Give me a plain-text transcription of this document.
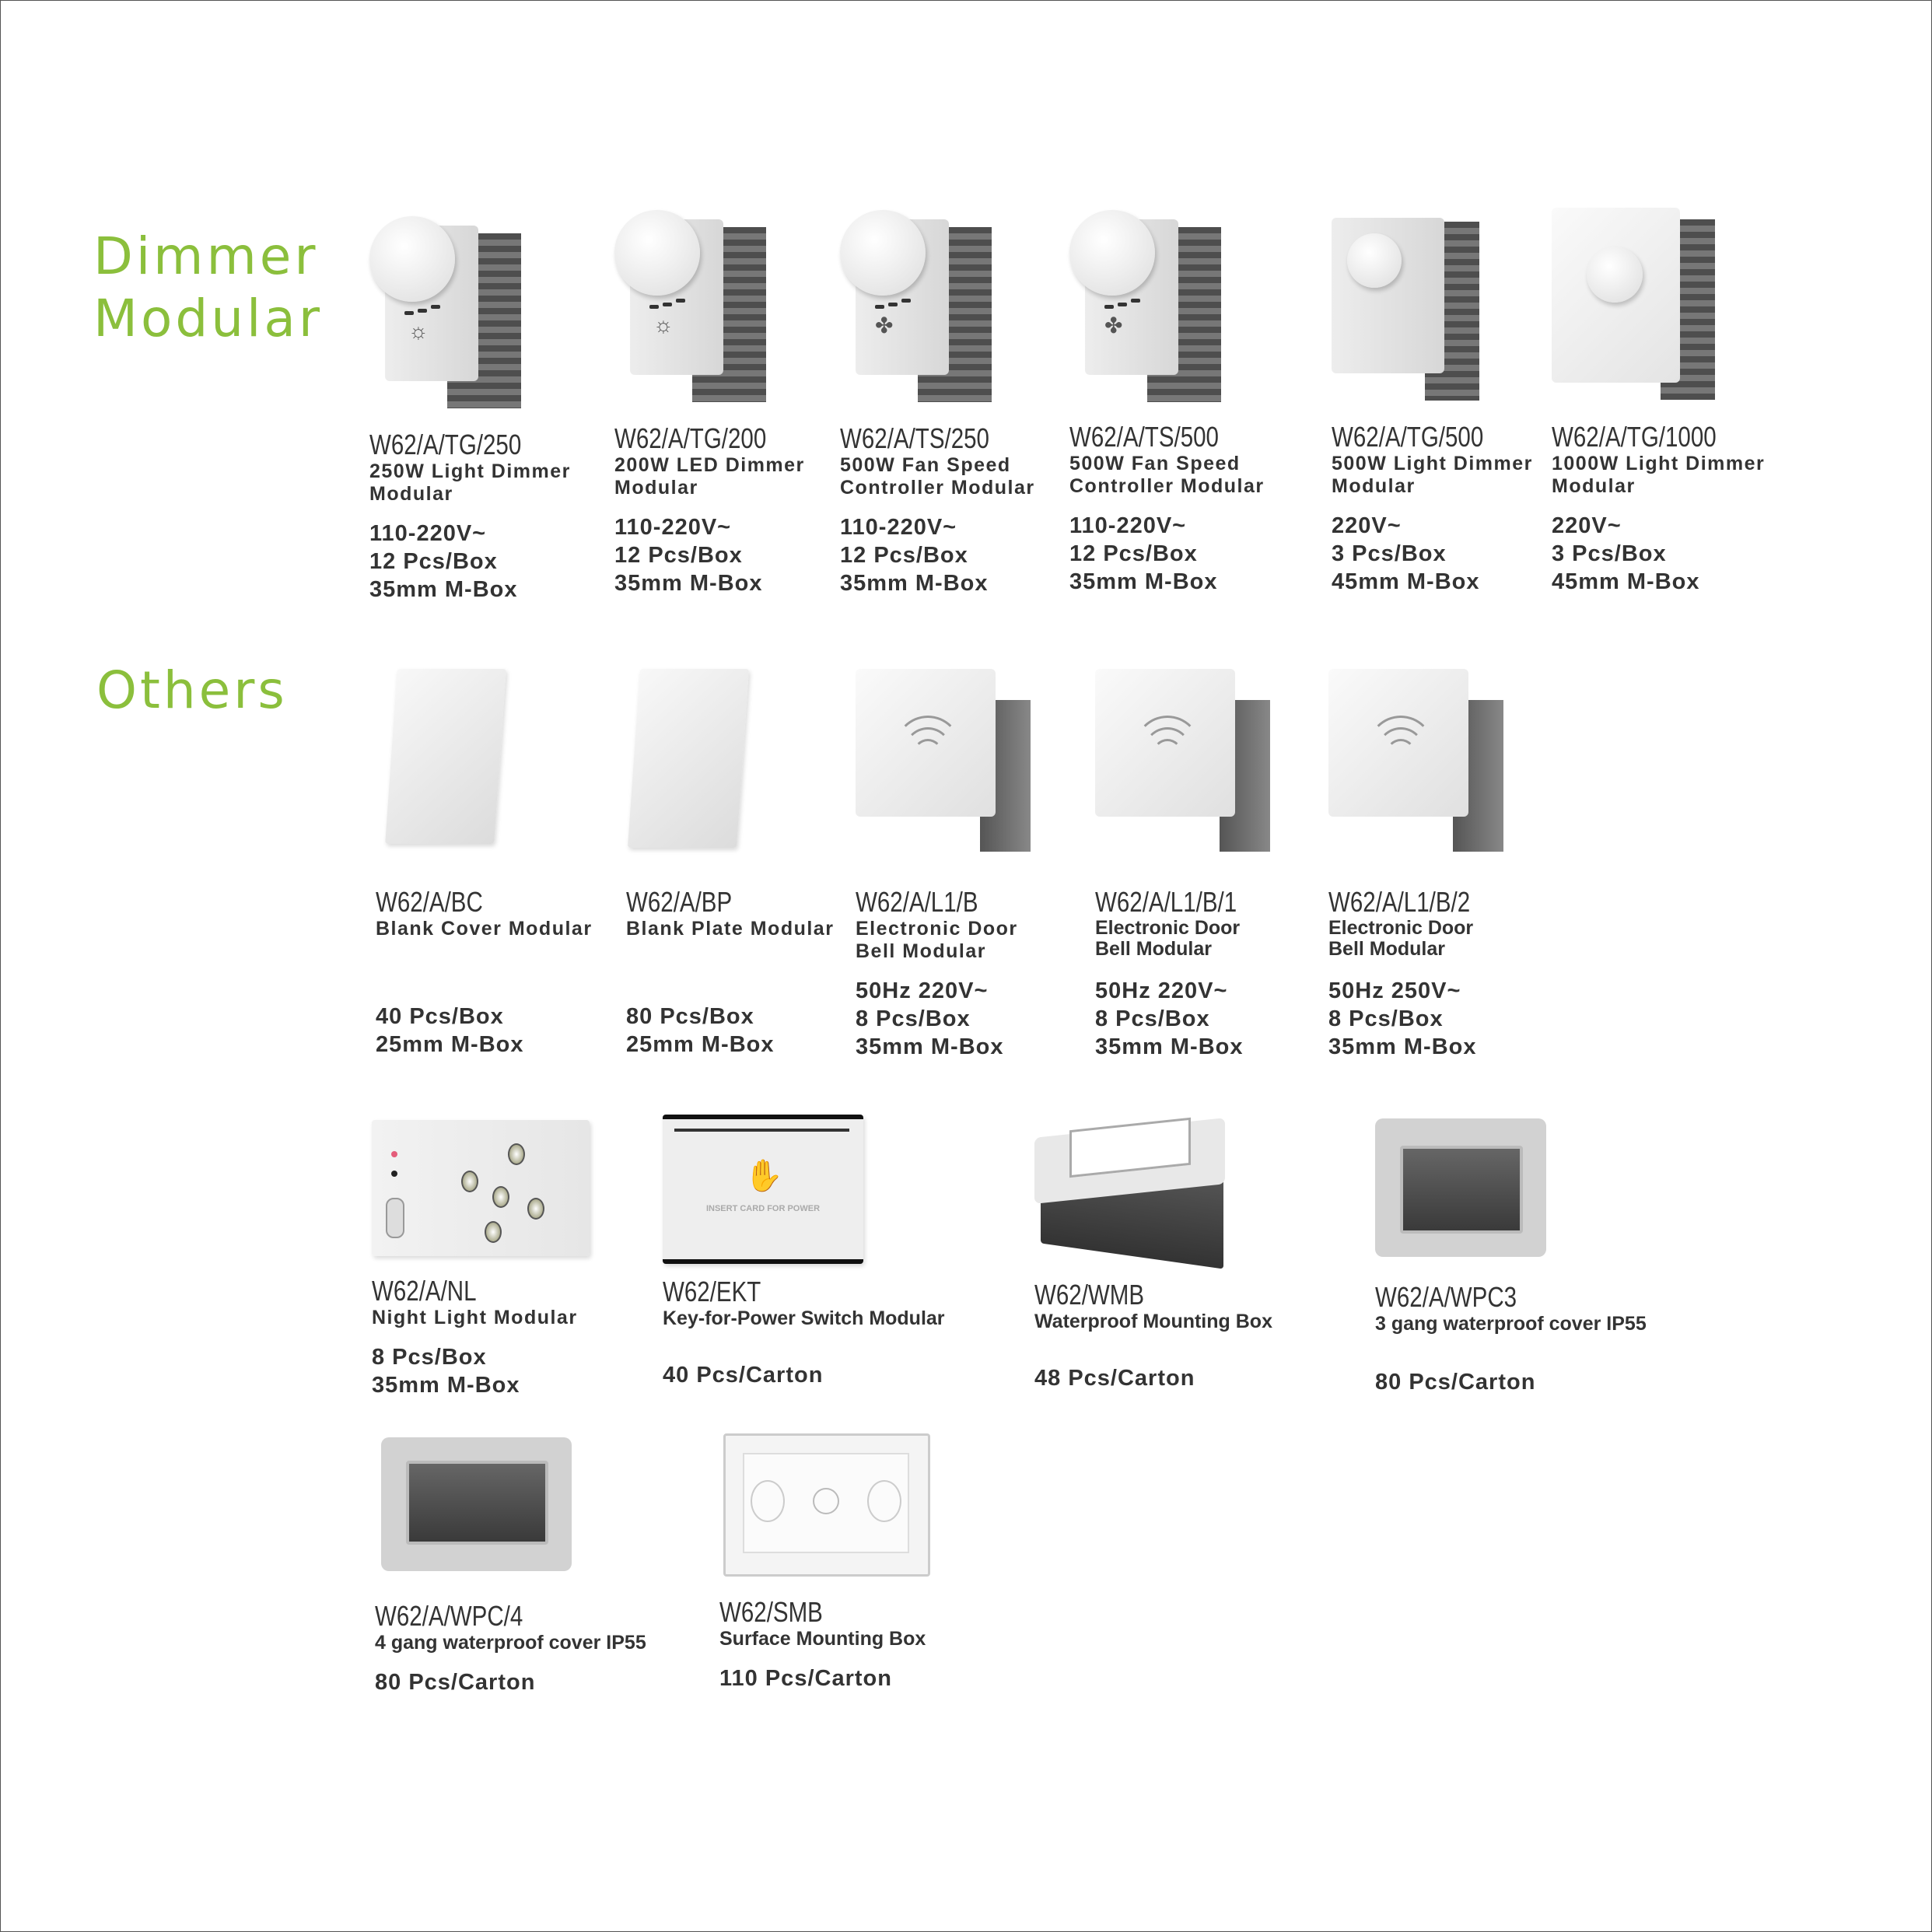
Dimmer
Modular
Others
☼
W62/A/TG/250
250W Light Dimmer
Modular
110-220V~
12 Pcs/Box
35mm M-Box
☼
W62/A/TG/200
200W LED Dimmer
Modular
110-220V~
12 Pcs/Box
35mm M-Box
✤
W62/A/TS/250
500W Fan Speed
Controller Modular
110-220V~
12 Pcs/Box
35mm M-Box
✤
W62/A/TS/500
500W Fan Speed
Controller Modular
110-220V~
12 Pcs/Box
35mm M-Box
W62/A/TG/500
500W Light Dimmer
Modular
220V~
3 Pcs/Box
45mm M-Box
W62/A/TG/1000
1000W Light Dimmer
Modular
220V~
3 Pcs/Box
45mm M-Box
W62/A/BC
Blank Cover Modular
40 Pcs/Box
25mm M-Box
W62/A/BP
Blank Plate Modular
80 Pcs/Box
25mm M-Box
W62/A/L1/B
Electronic Door
Bell Modular
50Hz 220V~
8 Pcs/Box
35mm M-Box
W62/A/L1/B/1
Electronic Door
Bell Modular
50Hz 220V~
8 Pcs/Box
35mm M-Box
W62/A/L1/B/2
Electronic Door
Bell Modular
50Hz 250V~
8 Pcs/Box
35mm M-Box
W62/A/NL
Night Light Modular
8 Pcs/Box
35mm M-Box
✋
INSERT CARD FOR POWER
W62/EKT
Key-for-Power Switch Modular
40 Pcs/Carton
W62/WMB
Waterproof Mounting Box
48 Pcs/Carton
W62/A/WPC3
3 gang waterproof cover IP55
80 Pcs/Carton
W62/A/WPC/4
4 gang waterproof cover IP55
80 Pcs/Carton
W62/SMB
Surface Mounting Box
110 Pcs/Carton
